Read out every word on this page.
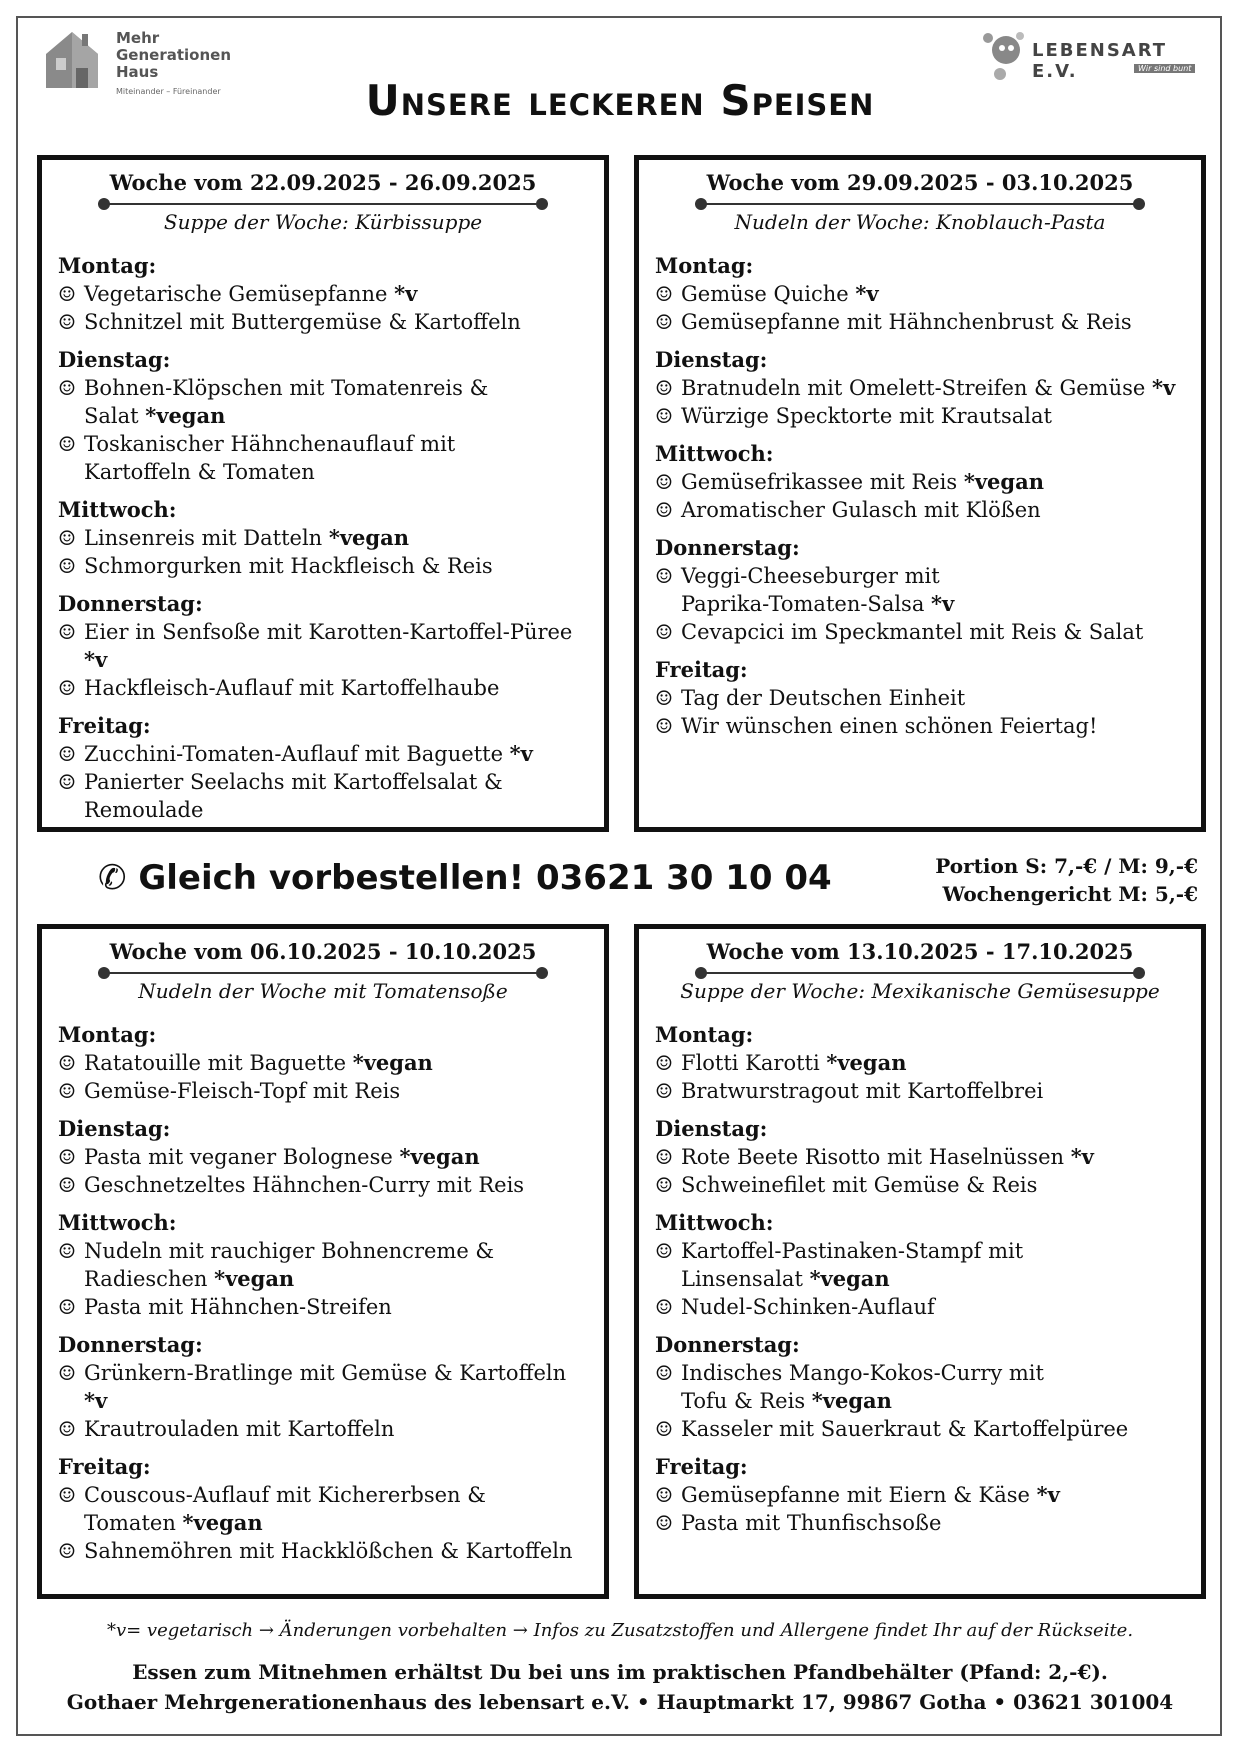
Mehr
Generationen
Haus
Miteinander – Füreinander
LEBENSART E.V.	Wir sind bunt
Unsere leckeren Speisen
Woche vom 22.09.2025 - 26.09.2025
Suppe der Woche: Kürbissuppe
Montag:
☺ Vegetarische Gemüsepfanne *v
☺ Schnitzel mit Buttergemüse & Kartoffeln
Dienstag:
☺ Bohnen-Klöpschen mit Tomatenreis &
Salat *vegan
☺ Toskanischer Hähnchenauflauf mit
Kartoffeln & Tomaten
Mittwoch:
☺ Linsenreis mit Datteln *vegan
☺ Schmorgurken mit Hackfleisch & Reis
Donnerstag:
☺ Eier in Senfsoße mit Karotten-Kartoffel-Püree *v
☺ Hackfleisch-Auflauf mit Kartoffelhaube
Freitag:
☺ Zucchini-Tomaten-Auflauf mit Baguette *v
☺ Panierter Seelachs mit Kartoffelsalat &
Remoulade
Woche vom 29.09.2025 - 03.10.2025
Nudeln der Woche: Knoblauch-Pasta
Montag:
☺ Gemüse Quiche *v
☺ Gemüsepfanne mit Hähnchenbrust & Reis
Dienstag:
☺ Bratnudeln mit Omelett-Streifen & Gemüse *v
☺ Würzige Specktorte mit Krautsalat
Mittwoch:
☺ Gemüsefrikassee mit Reis *vegan
☺ Aromatischer Gulasch mit Klößen
Donnerstag:
☺ Veggi-Cheeseburger mit
Paprika-Tomaten-Salsa *v
☺ Cevapcici im Speckmantel mit Reis & Salat
Freitag:
☺ Tag der Deutschen Einheit
☺ Wir wünschen einen schönen Feiertag!
Woche vom 06.10.2025 - 10.10.2025
Nudeln der Woche mit Tomatensoße
Montag:
☺ Ratatouille mit Baguette *vegan
☺ Gemüse-Fleisch-Topf mit Reis
Dienstag:
☺ Pasta mit veganer Bolognese *vegan
☺ Geschnetzeltes Hähnchen-Curry mit Reis
Mittwoch:
☺ Nudeln mit rauchiger Bohnencreme &
Radieschen *vegan
☺ Pasta mit Hähnchen-Streifen
Donnerstag:
☺ Grünkern-Bratlinge mit Gemüse & Kartoffeln *v
☺ Krautrouladen mit Kartoffeln
Freitag:
☺ Couscous-Auflauf mit Kichererbsen &
Tomaten *vegan
☺ Sahnemöhren mit Hackklößchen & Kartoffeln
Woche vom 13.10.2025 - 17.10.2025
Suppe der Woche: Mexikanische Gemüsesuppe
Montag:
☺ Flotti Karotti *vegan
☺ Bratwurstragout mit Kartoffelbrei
Dienstag:
☺ Rote Beete Risotto mit Haselnüssen *v
☺ Schweinefilet mit Gemüse & Reis
Mittwoch:
☺ Kartoffel-Pastinaken-Stampf mit
Linsensalat *vegan
☺ Nudel-Schinken-Auflauf
Donnerstag:
☺ Indisches Mango-Kokos-Curry mit
Tofu & Reis *vegan
☺ Kasseler mit Sauerkraut & Kartoffelpüree
Freitag:
☺ Gemüsepfanne mit Eiern & Käse *v
☺ Pasta mit Thunfischsoße
✆ Gleich vorbestellen! 03621 30 10 04	Portion S: 7,-€ / M: 9,-€
Wochengericht M: 5,-€
*v= vegetarisch → Änderungen vorbehalten → Infos zu Zusatzstoffen und Allergene findet Ihr auf der Rückseite.
Essen zum Mitnehmen erhältst Du bei uns im praktischen Pfandbehälter (Pfand: 2,-€).
Gothaer Mehrgenerationenhaus des lebensart e.V. • Hauptmarkt 17, 99867 Gotha • 03621 301004
